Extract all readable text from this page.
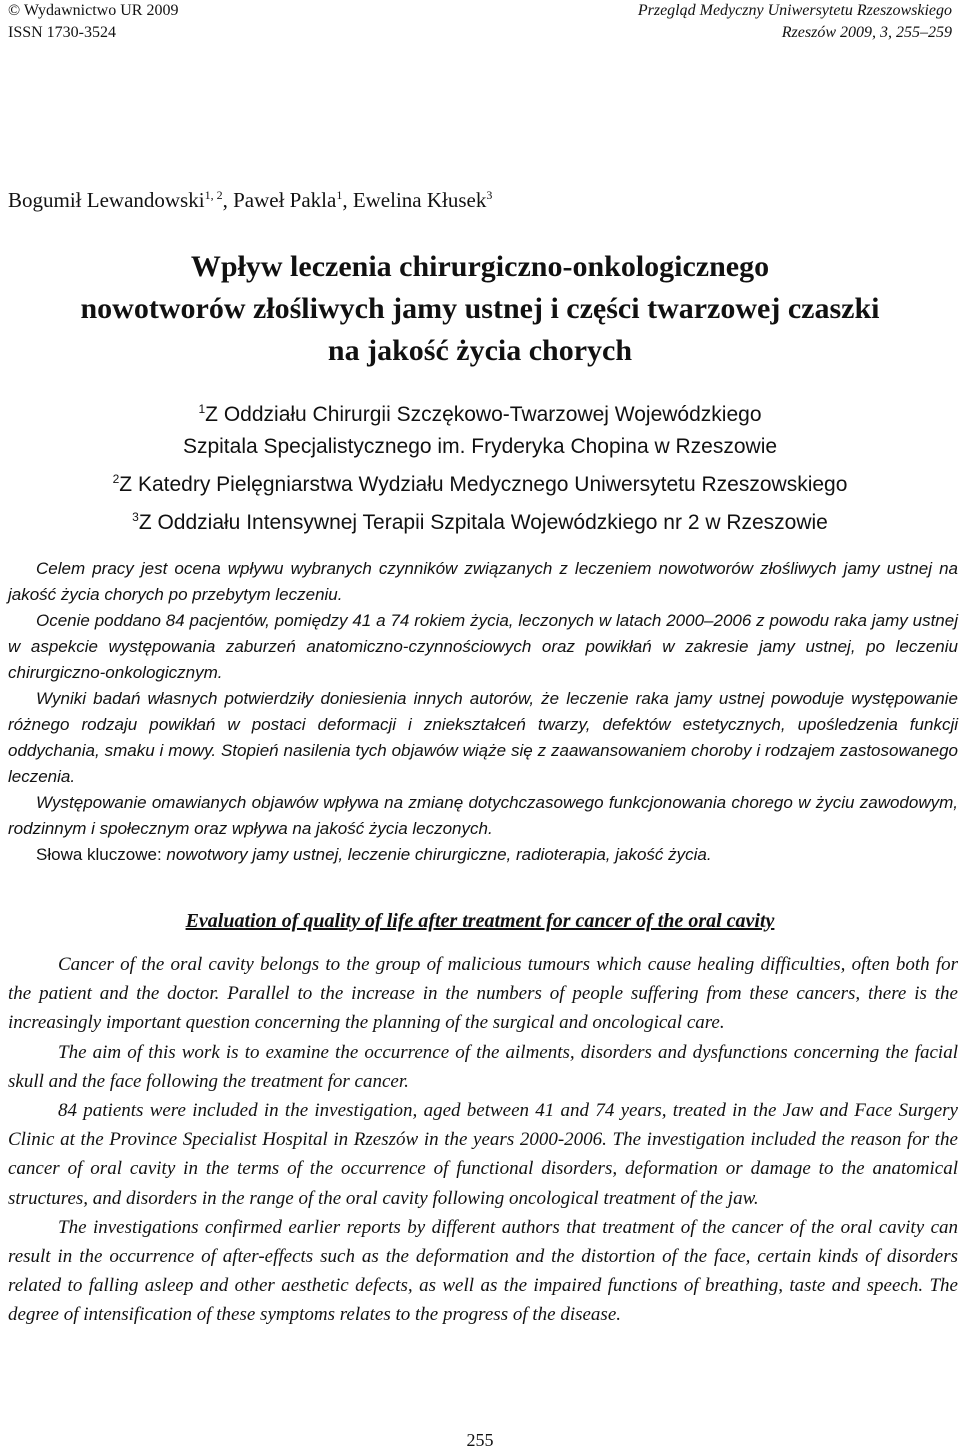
© Wydawnictwo UR 2009
ISSN 1730-3524
Przegląd Medyczny Uniwersytetu Rzeszowskiego
Rzeszów 2009, 3, 255–259
Bogumił Lewandowski$^{1, 2}$, Paweł Pakla$^1$, Ewelina Kłusek$^3$
Wpływ leczenia chirurgiczno-onkologicznego
nowotworów złośliwych jamy ustnej i części twarzowej czaszki
na jakość życia chorych
$^1$Z Oddziału Chirurgii Szczękowo-Twarzowej Wojewódzkiego
Szpitala Specjalistycznego im. Fryderyka Chopina w Rzeszowie
$^2$Z Katedry Pielęgniarstwa Wydziału Medycznego Uniwersytetu Rzeszowskiego
$^3$Z Oddziału Intensywnej Terapii Szpitala Wojewódzkiego nr 2 w Rzeszowie

Celem pracy jest ocena wpływu wybranych czynników związanych z leczeniem nowotworów złośliwych jamy ustnej na jakość życia chorych po przebytym leczeniu.

Ocenie poddano 84 pacjentów, pomiędzy 41 a 74 rokiem życia, leczonych w latach 2000–2006 z powodu raka jamy ustnej w aspekcie występowania zaburzeń anatomiczno-czynnościowych oraz powikłań w zakresie jamy ustnej, po leczeniu chirurgiczno-onkologicznym.

Wyniki badań własnych potwierdziły doniesienia innych autorów, że leczenie raka jamy ustnej powoduje występowanie różnego rodzaju powikłań w postaci deformacji i zniekształceń twarzy, defektów estetycznych, upośledzenia funkcji oddychania, smaku i mowy. Stopień nasilenia tych objawów wiąże się z zaawansowaniem choroby i rodzajem zastosowanego leczenia.

Występowanie omawianych objawów wpływa na zmianę dotychczasowego funkcjonowania chorego w życiu zawodowym, rodzinnym i społecznym oraz wpływa na jakość życia leczonych.

Słowa kluczowe: nowotwory jamy ustnej, leczenie chirurgiczne, radioterapia, jakość życia.

Evaluation of quality of life after treatment for cancer of the oral cavity

Cancer of the oral cavity belongs to the group of malicious tumours which cause healing difficulties, often both for the patient and the doctor. Parallel to the increase in the numbers of people suffering from these cancers, there is the increasingly important question concerning the planning of the surgical and oncological care.

The aim of this work is to examine the occurrence of the ailments, disorders and dysfunctions concerning the facial skull and the face following the treatment for cancer.

84 patients were included in the investigation, aged between 41 and 74 years, treated in the Jaw and Face Surgery Clinic at the Province Specialist Hospital in Rzeszów in the years 2000-2006. The investigation included the reason for the cancer of oral cavity in the terms of the occurrence of functional disorders, deformation or damage to the anatomical structures, and disorders in the range of the oral cavity following oncological treatment of the jaw.

The investigations confirmed earlier reports by different authors that treatment of the cancer of the oral cavity can result in the occurrence of after-effects such as the deformation and the distortion of the face, certain kinds of disorders related to falling asleep and other aesthetic defects, as well as the impaired functions of breathing, taste and speech. The degree of intensification of these symptoms relates to the progress of the disease.

255
